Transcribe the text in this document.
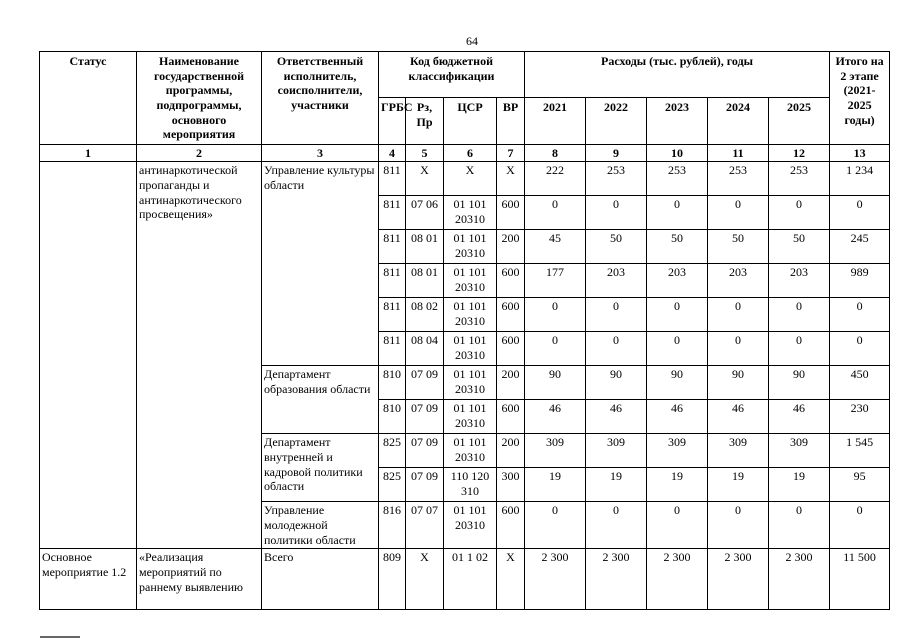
64
Статус	Наименование государственной программы, подпрограммы, основного мероприятия	Ответственный исполнитель, соисполнители, участники	Код бюджетной классификации				Расходы (тыс. рублей), годы					Итого на 2 этапе (2021-2025 годы)
			ГРБС	Рз, Пр	ЦСР	ВР	2021	2022	2023	2024	2025	
1	2	3	4	5	6	7	8	9	10	11	12	13
	антинаркотической пропаганды и антинаркотического просвещения»	Управление культуры области	811	Х	Х	Х	222	253	253	253	253	1 234
			811	07 06	01 101 20310	600	0	0	0	0	0	0
			811	08 01	01 101 20310	200	45	50	50	50	50	245
			811	08 01	01 101 20310	600	177	203	203	203	203	989
			811	08 02	01 101 20310	600	0	0	0	0	0	0
			811	08 04	01 101 20310	600	0	0	0	0	0	0
		Департамент образования области	810	07 09	01 101 20310	200	90	90	90	90	90	450
			810	07 09	01 101 20310	600	46	46	46	46	46	230
		Департамент внутренней и кадровой политики области	825	07 09	01 101 20310	200	309	309	309	309	309	1 545
			825	07 09	110 120 310	300	19	19	19	19	19	95
		Управление молодежной политики области	816	07 07	01 101 20310	600	0	0	0	0	0	0
Основное мероприятие 1.2	«Реализация мероприятий по раннему выявлению	Всего	809	Х	01 1 02	Х	2 300	2 300	2 300	2 300	2 300	11 500
